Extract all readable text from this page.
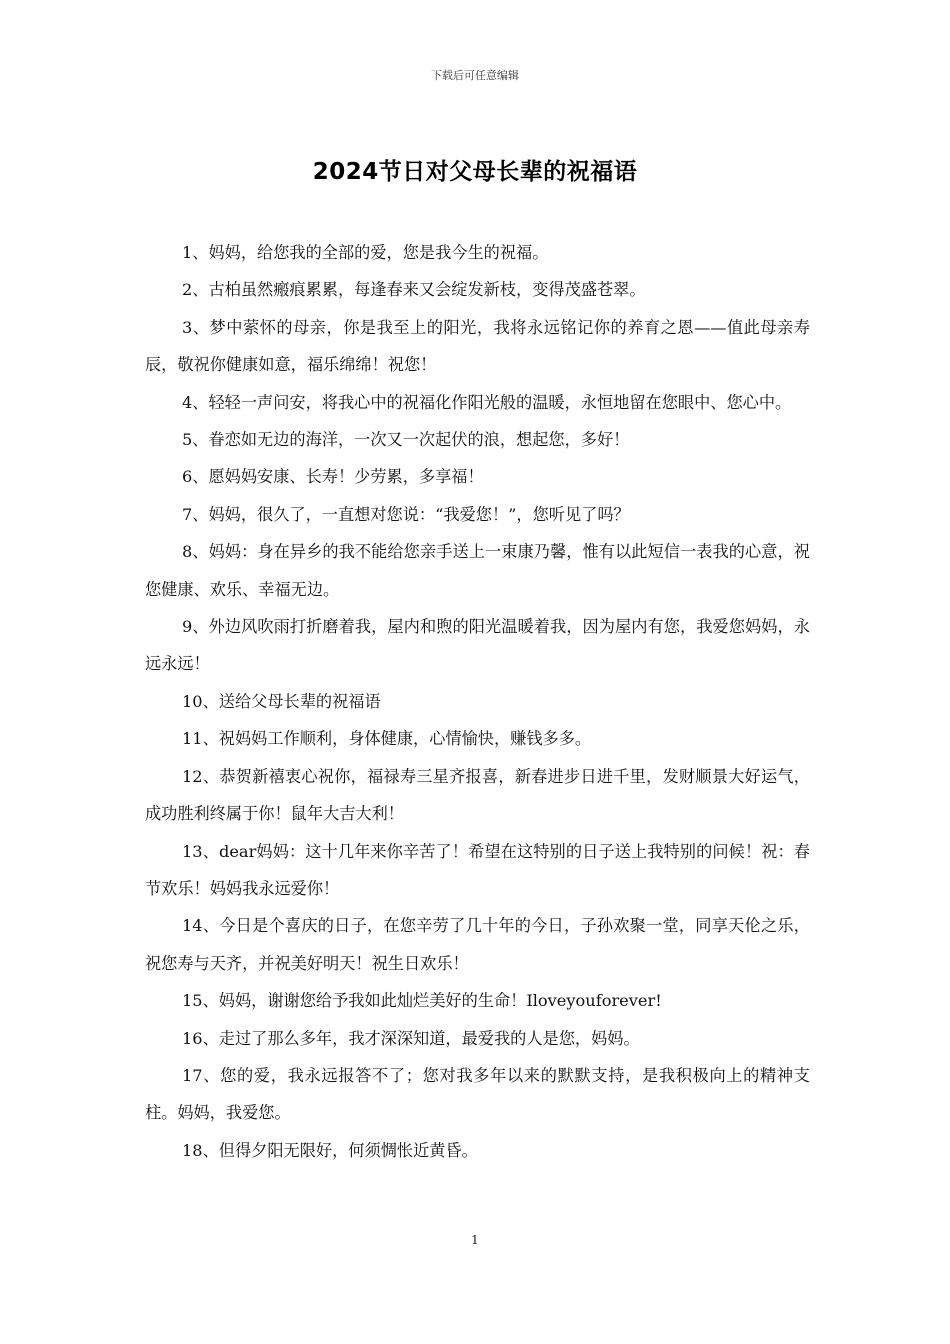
下载后可任意编辑
2024节日对父母长辈的祝福语

1、妈妈，给您我的全部的爱，您是我今生的祝福。

2、古柏虽然瘢痕累累，每逢春来又会绽发新枝，变得茂盛苍翠。

3、梦中萦怀的母亲，你是我至上的阳光，我将永远铭记你的养育之恩——值此母亲寿辰，敬祝你健康如意，福乐绵绵！祝您！

4、轻轻一声问安，将我心中的祝福化作阳光般的温暖，永恒地留在您眼中、您心中。

5、眷恋如无边的海洋，一次又一次起伏的浪，想起您，多好！

6、愿妈妈安康、长寿！少劳累，多享福！

7、妈妈，很久了，一直想对您说：“我爱您！”，您听见了吗？

8、妈妈：身在异乡的我不能给您亲手送上一束康乃馨，惟有以此短信一表我的心意，祝您健康、欢乐、幸福无边。

9、外边风吹雨打折磨着我，屋内和煦的阳光温暖着我，因为屋内有您，我爱您妈妈，永远永远！

10、送给父母长辈的祝福语

11、祝妈妈工作顺利，身体健康，心情愉快，赚钱多多。

12、恭贺新禧衷心祝你，福禄寿三星齐报喜，新春进步日进千里，发财顺景大好运气，成功胜利终属于你！鼠年大吉大利！

13、dear妈妈：这十几年来你辛苦了！希望在这特别的日子送上我特别的问候！祝：春节欢乐！妈妈我永远爱你！

14、今日是个喜庆的日子，在您辛劳了几十年的今日，子孙欢聚一堂，同享天伦之乐，祝您寿与天齐，并祝美好明天！祝生日欢乐！

15、妈妈，谢谢您给予我如此灿烂美好的生命！Iloveyouforever!

16、走过了那么多年，我才深深知道，最爱我的人是您，妈妈。

17、您的爱，我永远报答不了；您对我多年以来的默默支持，是我积极向上的精神支柱。妈妈，我爱您。

18、但得夕阳无限好，何须惆怅近黄昏。

1
